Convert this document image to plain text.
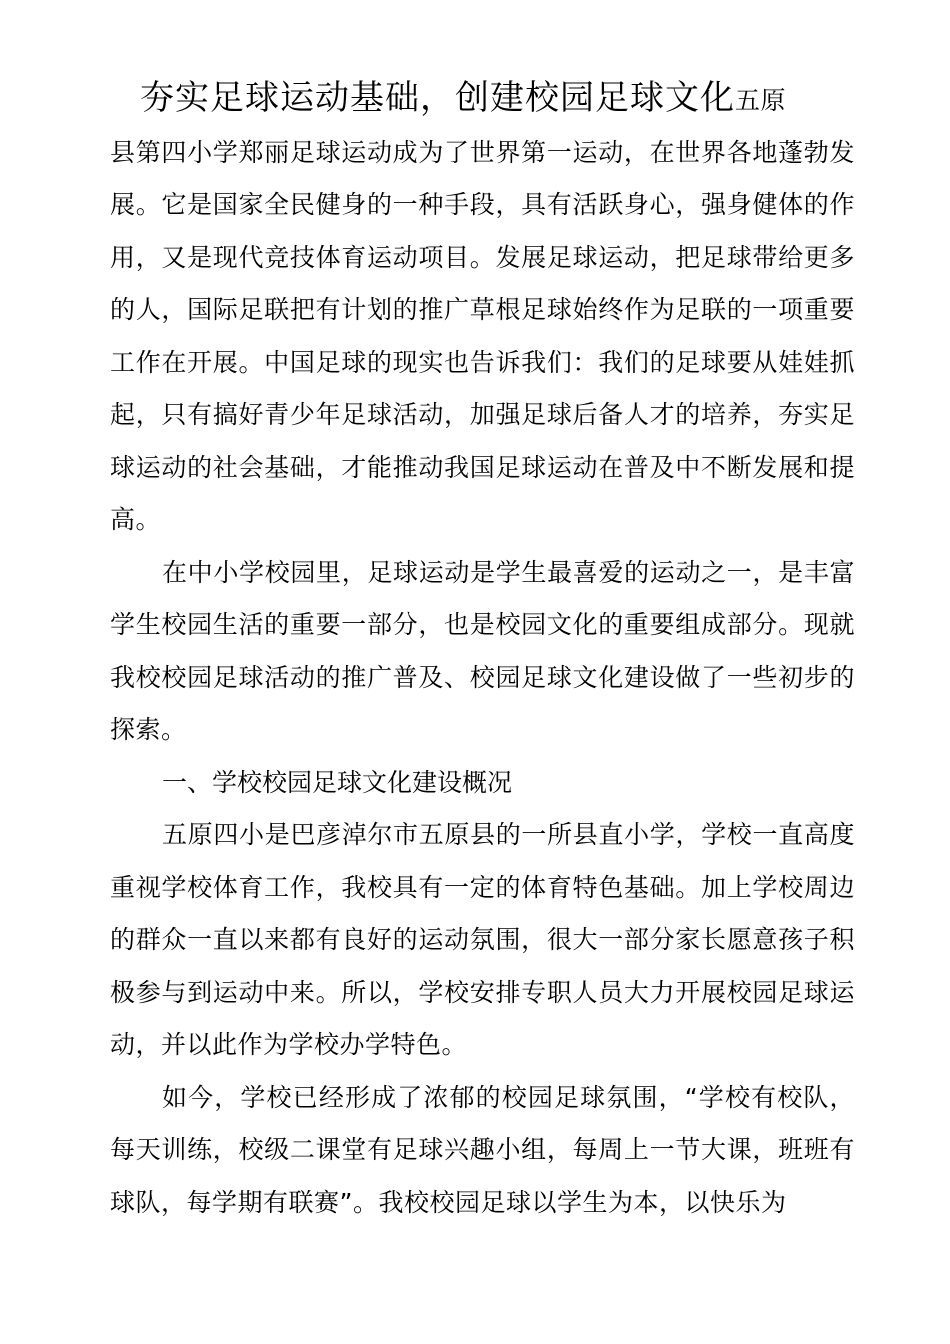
夯实足球运动基础，创建校园足球文化五原

县第四小学郑丽足球运动成为了世界第一运动，在世界各地蓬勃发展。它是国家全民健身的一种手段，具有活跃身心，强身健体的作用，又是现代竞技体育运动项目。发展足球运动，把足球带给更多的人，国际足联把有计划的推广草根足球始终作为足联的一项重要工作在开展。中国足球的现实也告诉我们：我们的足球要从娃娃抓起，只有搞好青少年足球活动，加强足球后备人才的培养，夯实足球运动的社会基础，才能推动我国足球运动在普及中不断发展和提高。

在中小学校园里，足球运动是学生最喜爱的运动之一，是丰富学生校园生活的重要一部分，也是校园文化的重要组成部分。现就我校校园足球活动的推广普及、校园足球文化建设做了一些初步的探索。

一、学校校园足球文化建设概况

五原四小是巴彦淖尔市五原县的一所县直小学，学校一直高度重视学校体育工作，我校具有一定的体育特色基础。加上学校周边的群众一直以来都有良好的运动氛围，很大一部分家长愿意孩子积极参与到运动中来。所以，学校安排专职人员大力开展校园足球运动，并以此作为学校办学特色。

如今，学校已经形成了浓郁的校园足球氛围，“学校有校队，每天训练，校级二课堂有足球兴趣小组，每周上一节大课，班班有球队，每学期有联赛”。我校校园足球以学生为本，以快乐为
